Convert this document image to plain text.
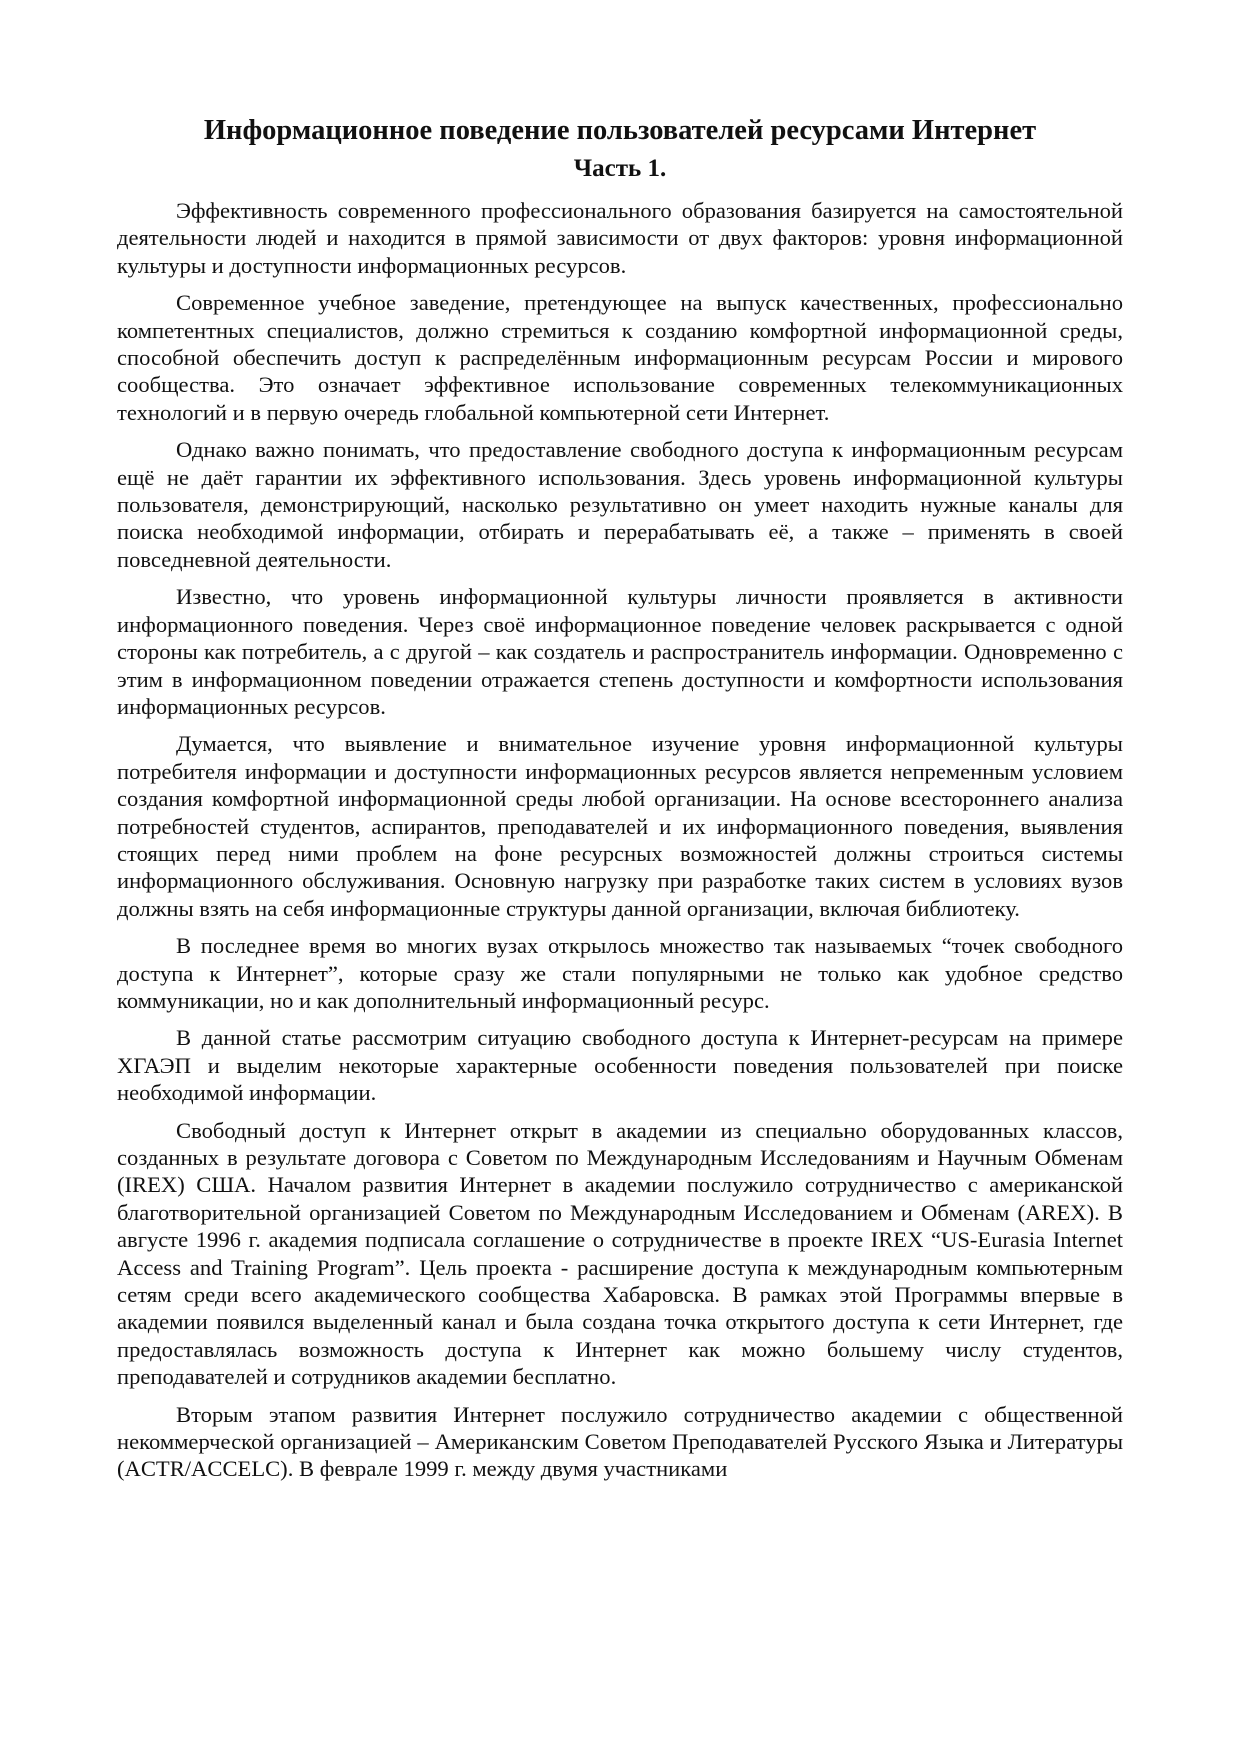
Информационное поведение пользователей ресурсами Интернет
Часть 1.

Эффективность современного профессионального образования базируется на самостоятельной деятельности людей и находится в прямой зависимости от двух факторов: уровня информационной культуры и доступности информационных ресурсов.

Современное учебное заведение, претендующее на выпуск качественных, профессионально компетентных специалистов, должно стремиться к созданию комфортной информационной среды, способной обеспечить доступ к распределённым информационным ресурсам России и мирового сообщества. Это означает эффективное использование современных телекоммуникационных технологий и в первую очередь глобальной компьютерной сети Интернет.

Однако важно понимать, что предоставление свободного доступа к информационным ресурсам ещё не даёт гарантии их эффективного использования. Здесь уровень информационной культуры пользователя, демонстрирующий, насколько результативно он умеет находить нужные каналы для поиска необходимой информации, отбирать и перерабатывать её, а также – применять в своей повседневной деятельности.

Известно, что уровень информационной культуры личности проявляется в активности информационного поведения. Через своё информационное поведение человек раскрывается с одной стороны как потребитель, а с другой – как создатель и распространитель информации. Одновременно с этим в информационном поведении отражается степень доступности и комфортности использования информационных ресурсов.

Думается, что выявление и внимательное изучение уровня информационной культуры потребителя информации и доступности информационных ресурсов является непременным условием создания комфортной информационной среды любой организации. На основе всестороннего анализа потребностей студентов, аспирантов, преподавателей и их информационного поведения, выявления стоящих перед ними проблем на фоне ресурсных возможностей должны строиться системы информационного обслуживания. Основную нагрузку при разработке таких систем в условиях вузов должны взять на себя информационные структуры данной организации, включая библиотеку.

В последнее время во многих вузах открылось множество так называемых “точек свободного доступа к Интернет”, которые сразу же стали популярными не только как удобное средство коммуникации, но и как дополнительный информационный ресурс.

В данной статье рассмотрим ситуацию свободного доступа к Интернет-ресурсам на примере ХГАЭП и выделим некоторые характерные особенности поведения пользователей при поиске необходимой информации.

Свободный доступ к Интернет открыт в академии из специально оборудованных классов, созданных в результате договора с Советом по Международным Исследованиям и Научным Обменам (IREX) США. Началом развития Интернет в академии послужило сотрудничество с американской благотворительной организацией Советом по Международным Исследованием и Обменам (AREX). В августе 1996 г. академия подписала соглашение о сотрудничестве в проекте IREX “US-Eurasia Internet Access and Training Program”. Цель проекта - расширение доступа к международным компьютерным сетям среди всего академического сообщества Хабаровска. В рамках этой Программы впервые в академии появился выделенный канал и была создана точка открытого доступа к сети Интернет, где предоставлялась возможность доступа к Интернет как можно большему числу студентов, преподавателей и сотрудников академии бесплатно.

Вторым этапом развития Интернет послужило сотрудничество академии с общественной некоммерческой организацией – Американским Советом Преподавателей Русского Языка и Литературы (ACTR/ACCELC). В феврале 1999 г. между двумя участниками
